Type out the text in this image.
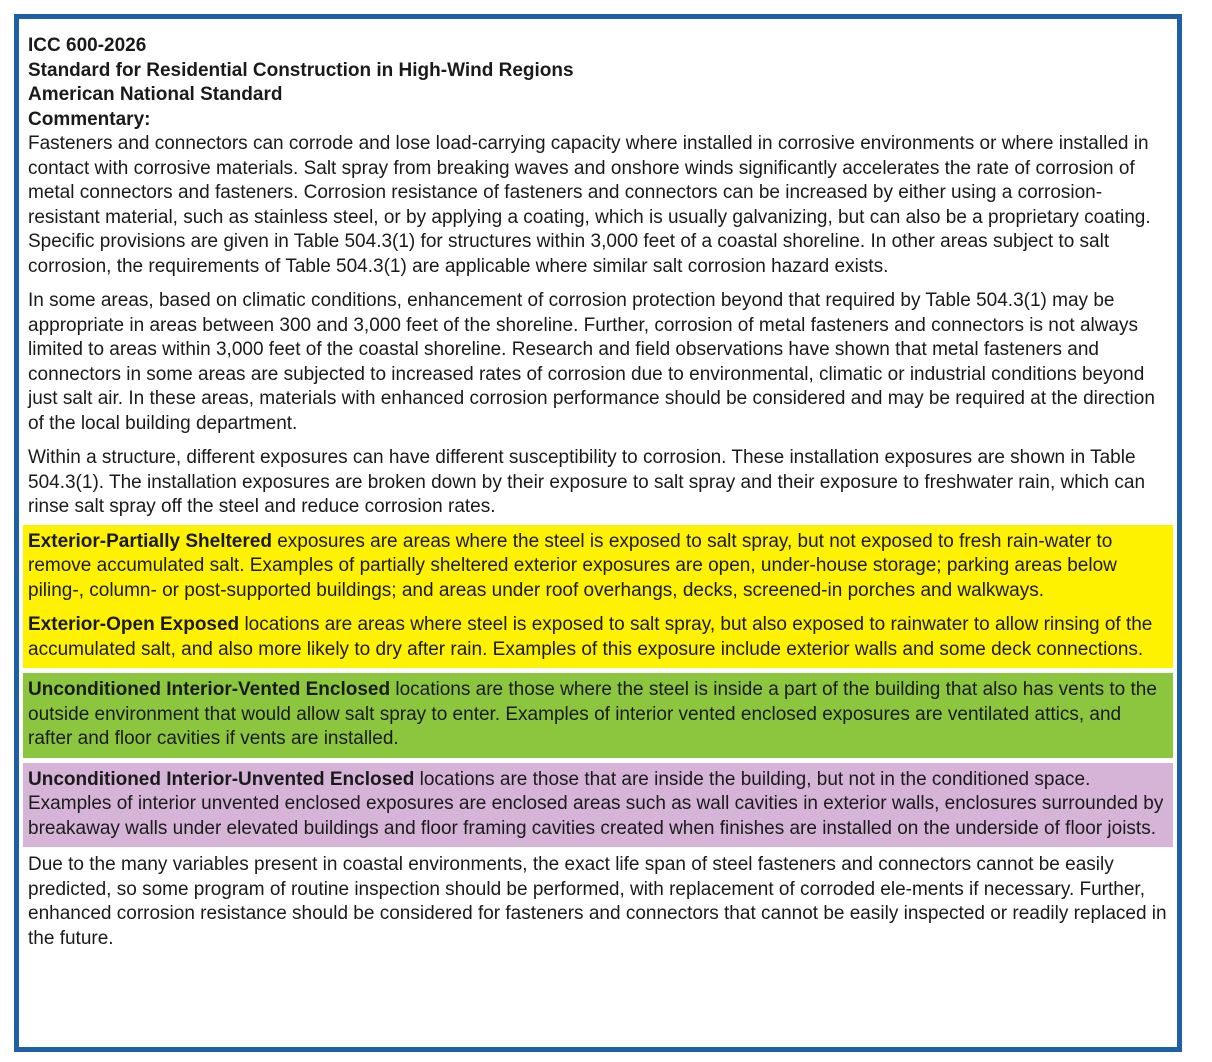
ICC 600-2026
Standard for Residential Construction in High-Wind Regions
American National Standard
Commentary:

Fasteners and connectors can corrode and lose load-carrying capacity where installed in corrosive environments or where installed in contact with corrosive materials. Salt spray from breaking waves and onshore winds significantly accelerates the rate of corrosion of metal connectors and fasteners. Corrosion resistance of fasteners and connectors can be increased by either using a corrosion-resistant material, such as stainless steel, or by applying a coating, which is usually galvanizing, but can also be a proprietary coating. Specific provisions are given in Table 504.3(1) for structures within 3,000 feet of a coastal shoreline. In other areas subject to salt corrosion, the requirements of Table 504.3(1) are applicable where similar salt corrosion hazard exists.

In some areas, based on climatic conditions, enhancement of corrosion protection beyond that required by Table 504.3(1) may be appropriate in areas between 300 and 3,000 feet of the shoreline. Further, corrosion of metal fasteners and connectors is not always limited to areas within 3,000 feet of the coastal shoreline. Research and field observations have shown that metal fasteners and connectors in some areas are subjected to increased rates of corrosion due to environmental, climatic or industrial conditions beyond just salt air. In these areas, materials with enhanced corrosion performance should be considered and may be required at the direction of the local building department.

Within a structure, different exposures can have different susceptibility to corrosion. These installation exposures are shown in Table 504.3(1). The installation exposures are broken down by their exposure to salt spray and their exposure to freshwater rain, which can rinse salt spray off the steel and reduce corrosion rates.

Exterior-Partially Sheltered exposures are areas where the steel is exposed to salt spray, but not exposed to fresh rain-water to remove accumulated salt. Examples of partially sheltered exterior exposures are open, under-house storage; parking areas below piling-, column- or post-supported buildings; and areas under roof overhangs, decks, screened-in porches and walkways.
Exterior-Open Exposed locations are areas where steel is exposed to salt spray, but also exposed to rainwater to allow rinsing of the accumulated salt, and also more likely to dry after rain. Examples of this exposure include exterior walls and some deck connections.
Unconditioned Interior-Vented Enclosed locations are those where the steel is inside a part of the building that also has vents to the outside environment that would allow salt spray to enter. Examples of interior vented enclosed exposures are ventilated attics, and rafter and floor cavities if vents are installed.
Unconditioned Interior-Unvented Enclosed locations are those that are inside the building, but not in the conditioned space. Examples of interior unvented enclosed exposures are enclosed areas such as wall cavities in exterior walls, enclosures surrounded by breakaway walls under elevated buildings and floor framing cavities created when finishes are installed on the underside of floor joists.

Due to the many variables present in coastal environments, the exact life span of steel fasteners and connectors cannot be easily predicted, so some program of routine inspection should be performed, with replacement of corroded ele-ments if necessary. Further, enhanced corrosion resistance should be considered for fasteners and connectors that cannot be easily inspected or readily replaced in the future.
